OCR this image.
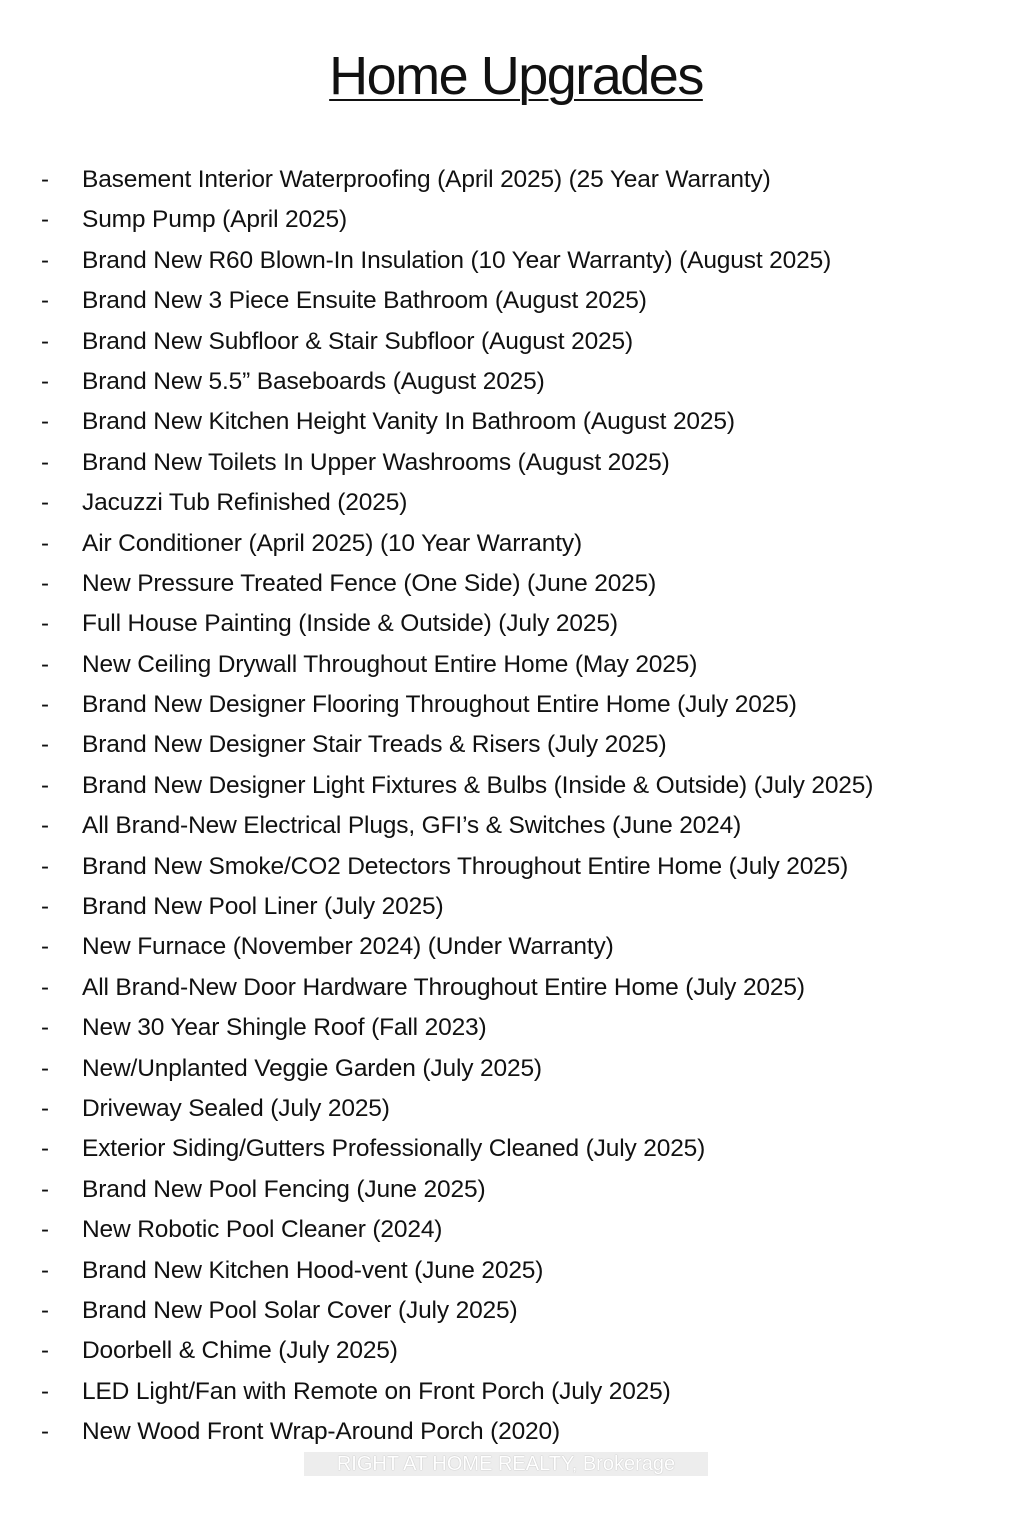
Home Upgrades
- Basement Interior Waterproofing (April 2025) (25 Year Warranty)
- Sump Pump (April 2025)
- Brand New R60 Blown-In Insulation (10 Year Warranty) (August 2025)
- Brand New 3 Piece Ensuite Bathroom (August 2025)
- Brand New Subfloor & Stair Subfloor (August 2025)
- Brand New 5.5” Baseboards (August 2025)
- Brand New Kitchen Height Vanity In Bathroom (August 2025)
- Brand New Toilets In Upper Washrooms (August 2025)
- Jacuzzi Tub Refinished (2025)
- Air Conditioner (April 2025) (10 Year Warranty)
- New Pressure Treated Fence (One Side) (June 2025)
- Full House Painting (Inside & Outside) (July 2025)
- New Ceiling Drywall Throughout Entire Home (May 2025)
- Brand New Designer Flooring Throughout Entire Home (July 2025)
- Brand New Designer Stair Treads & Risers (July 2025)
- Brand New Designer Light Fixtures & Bulbs (Inside & Outside) (July 2025)
- All Brand-New Electrical Plugs, GFI’s & Switches (June 2024)
- Brand New Smoke/CO2 Detectors Throughout Entire Home (July 2025)
- Brand New Pool Liner (July 2025)
- New Furnace (November 2024) (Under Warranty)
- All Brand-New Door Hardware Throughout Entire Home (July 2025)
- New 30 Year Shingle Roof (Fall 2023)
- New/Unplanted Veggie Garden (July 2025)
- Driveway Sealed (July 2025)
- Exterior Siding/Gutters Professionally Cleaned (July 2025)
- Brand New Pool Fencing (June 2025)
- New Robotic Pool Cleaner (2024)
- Brand New Kitchen Hood-vent (June 2025)
- Brand New Pool Solar Cover (July 2025)
- Doorbell & Chime (July 2025)
- LED Light/Fan with Remote on Front Porch (July 2025)
- New Wood Front Wrap-Around Porch (2020)
RIGHT AT HOME REALTY, Brokerage
